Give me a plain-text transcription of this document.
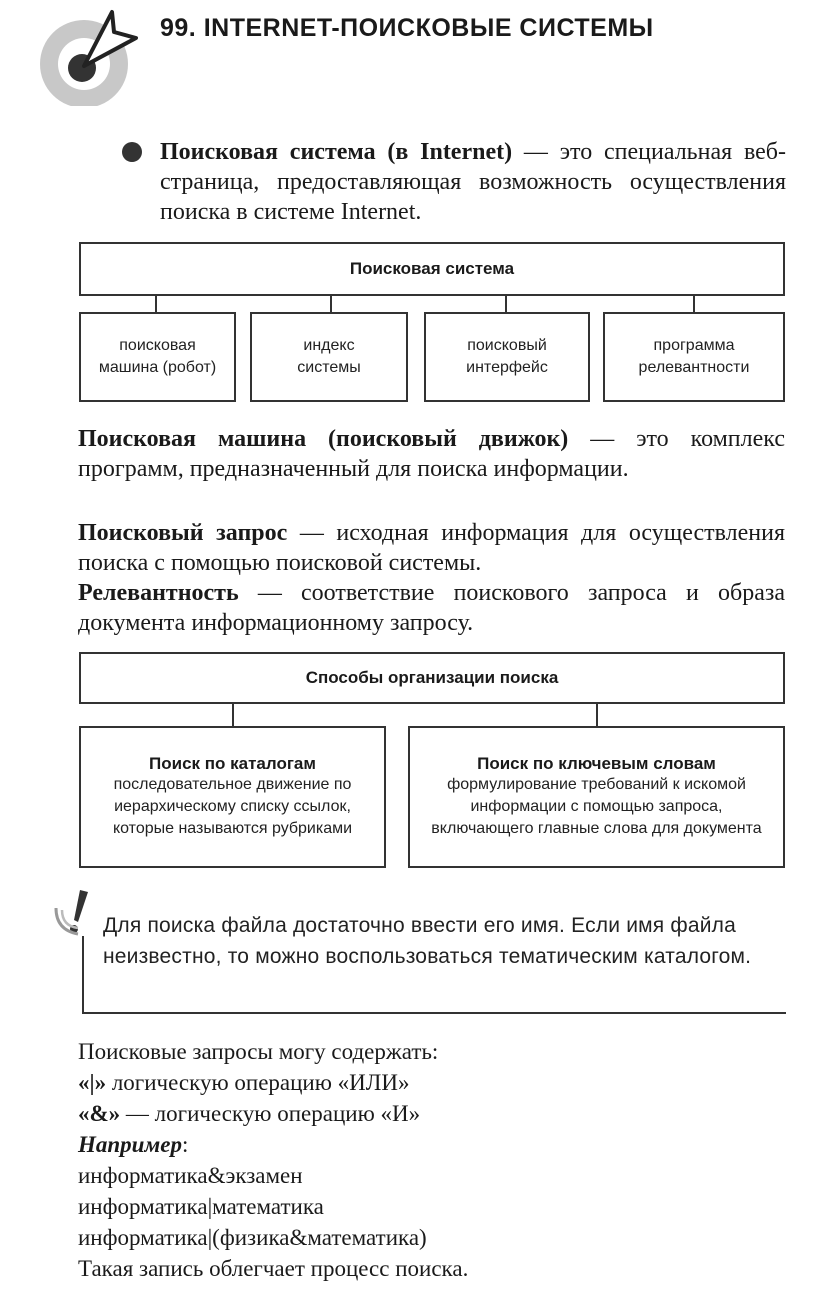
99. INTERNET-ПОИСКОВЫЕ СИСТЕМЫ
Поисковая система (в Internet) — это специальная веб-страница, предоставляющая возможность осуществления поиска в системе Internet.
Поисковая система
поисковая машина (робот)
индекс системы
поисковый интерфейс
программа релевантности
Поисковая машина (поисковый движок) — это комплекс программ, предназначенный для поиска информации.
Поисковый запрос — исходная информация для осуществления поиска с помощью поисковой системы.
Релевантность — соответствие поискового запроса и образа документа информационному запросу.
Способы организации поиска
Поиск по каталогам
последовательное движение по иерархическому списку ссылок, которые называются рубриками
Поиск по ключевым словам
формулирование требований к искомой информации с помощью запроса, включающего главные слова для документа
Для поиска файла достаточно ввести его имя. Если имя файла неизвестно, то можно воспользоваться тематическим каталогом.
Поисковые запросы могу содержать:
«|» логическую операцию «ИЛИ»
«&» — логическую операцию «И»
Например:
информатика&экзамен
информатика|математика
информатика|(физика&математика)
Такая запись облегчает процесс поиска.
